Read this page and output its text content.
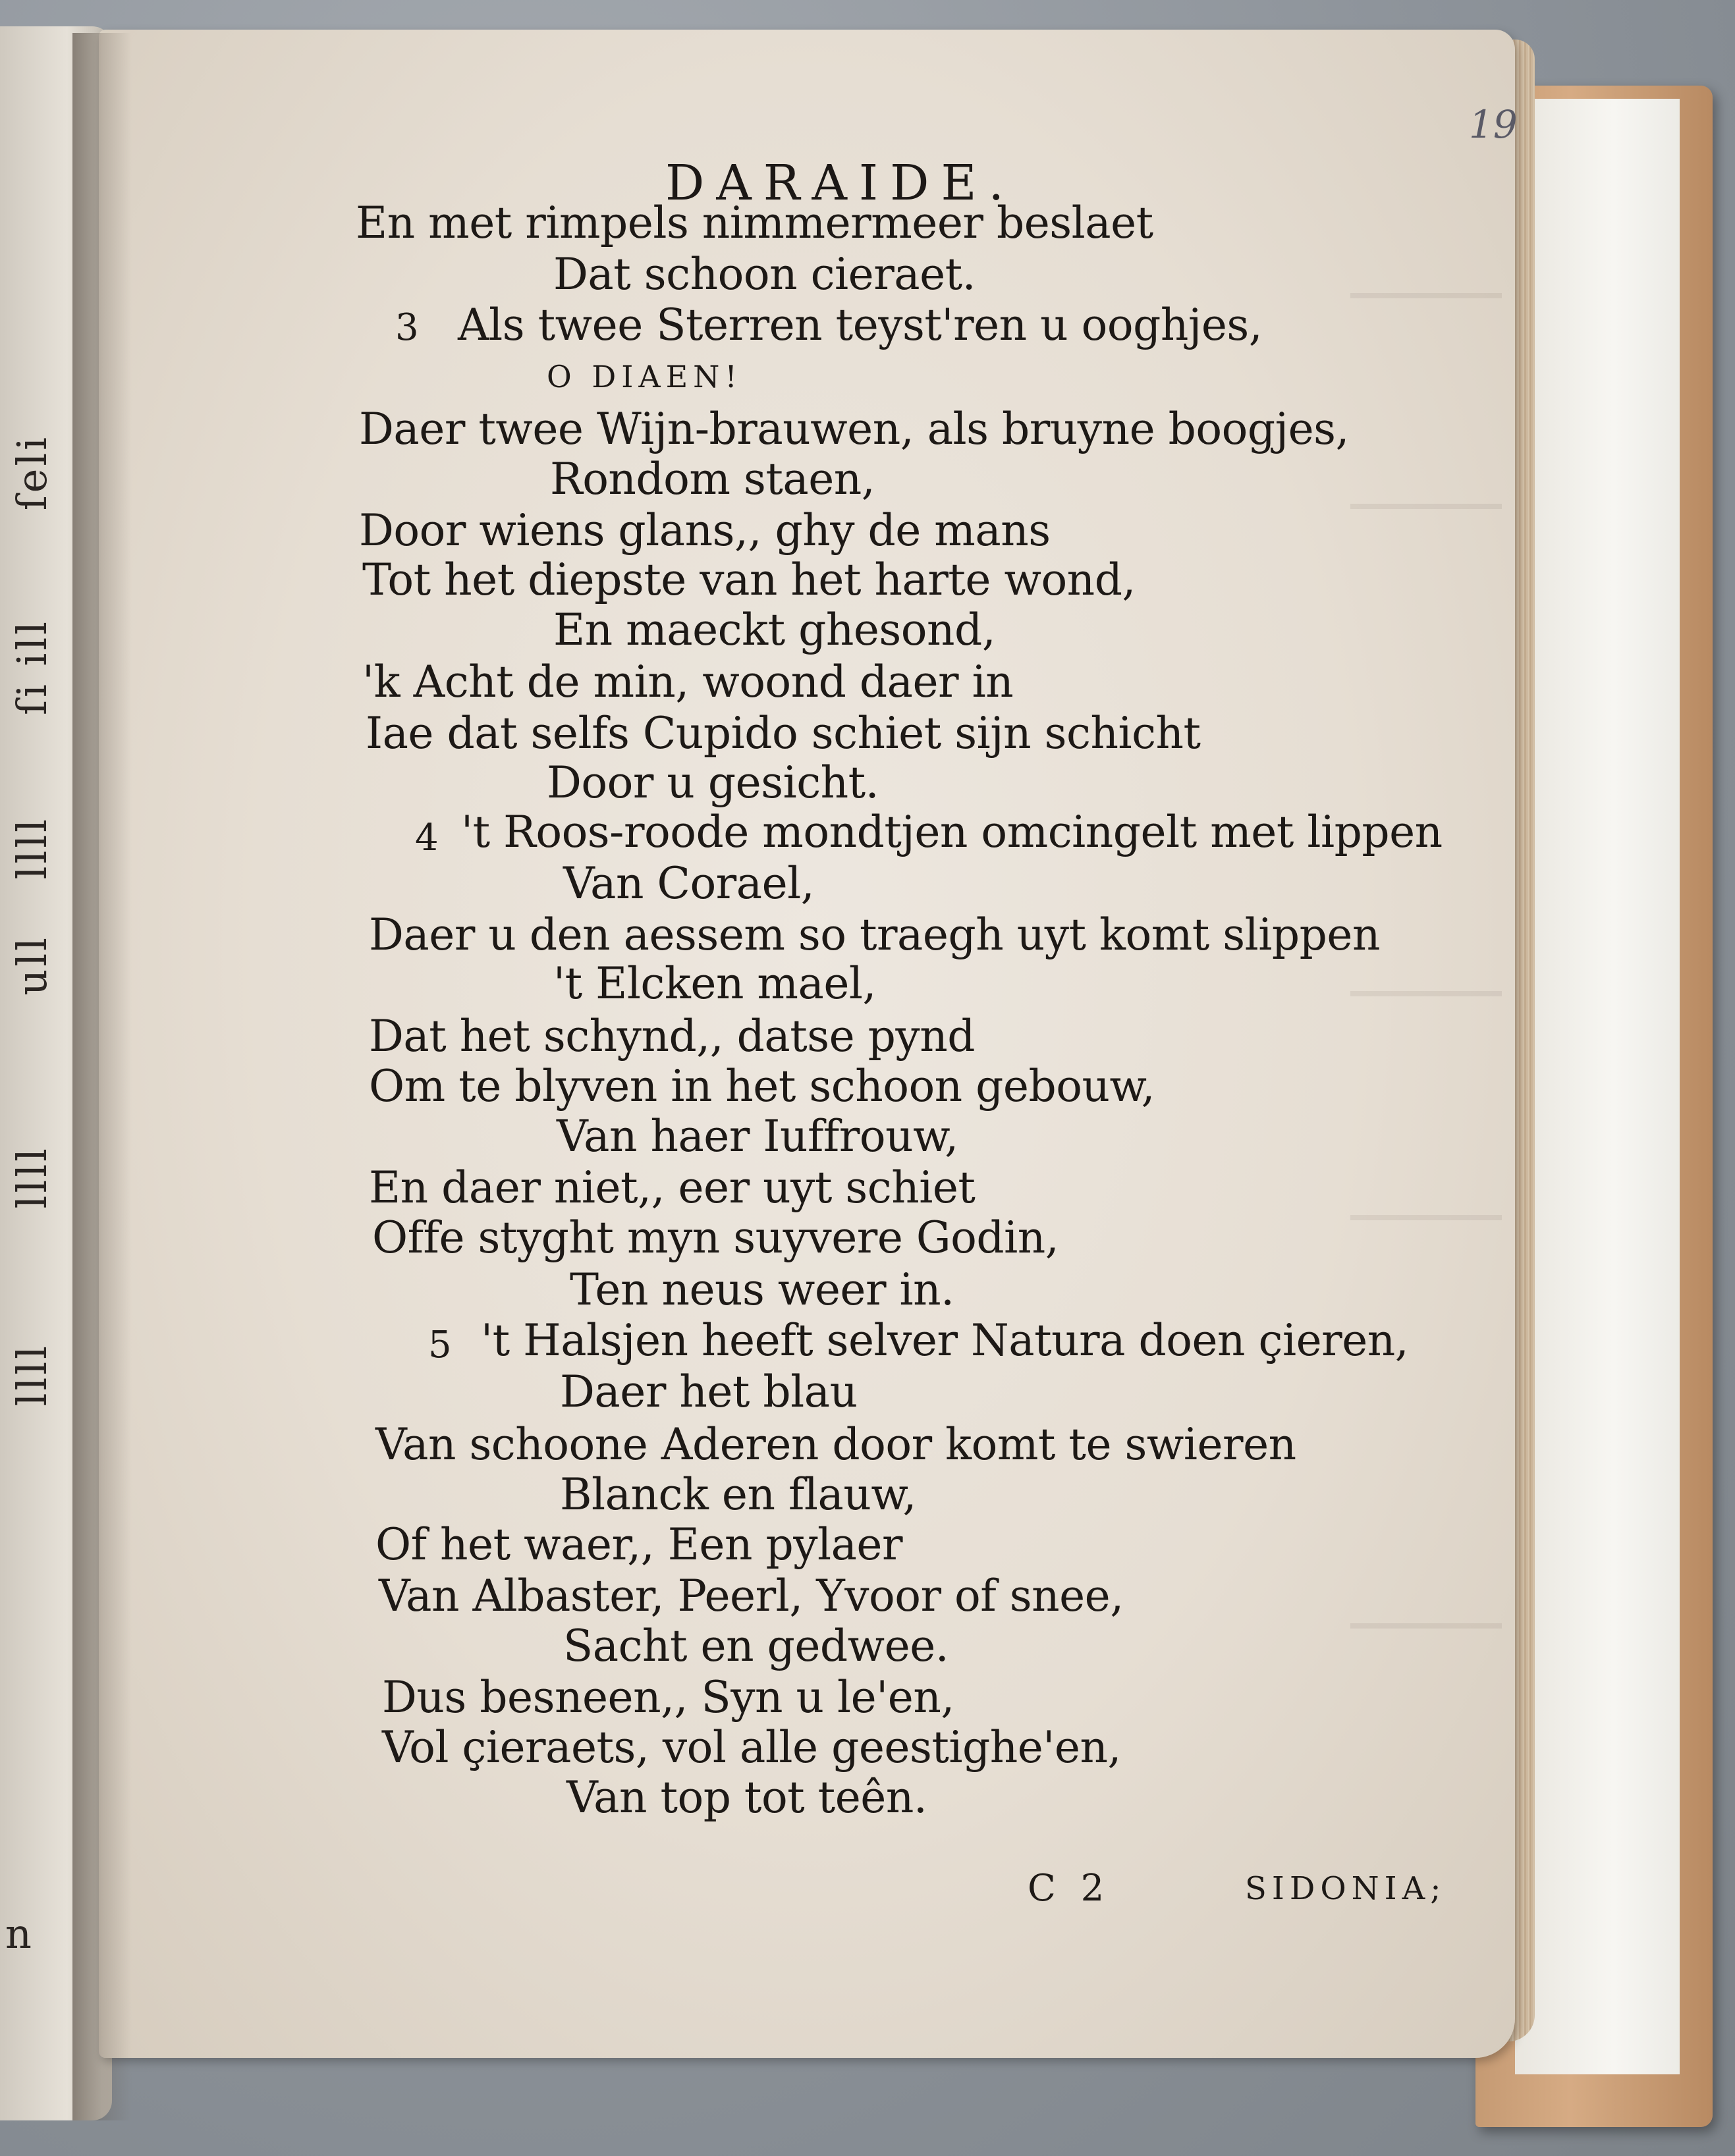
ſeli
ſi ill
llll
ull
llll
llll
n
19
DARAIDE.
En met rimpels nimmermeer beslaet
Dat schoon cieraet.
3 Als twee Sterren teyst'ren u ooghjes,
O DIAEN!
Daer twee Wijn-brauwen, als bruyne boogjes,
Rondom staen,
Door wiens glans,, ghy de mans
Tot het diepste van het harte wond,
En maeckt ghesond,
'k Acht de min, woond daer in
Iae dat selfs Cupido schiet sijn schicht
Door u gesicht.
4 't Roos-roode mondtjen omcingelt met lippen
Van Corael,
Daer u den aessem so traegh uyt komt slippen
't Elcken mael,
Dat het schynd,, datse pynd
Om te blyven in het schoon gebouw,
Van haer Iuffrouw,
En daer niet,, eer uyt schiet
Offe styght myn suyvere Godin,
Ten neus weer in.
5 't Halsjen heeft selver Natura doen çieren,
Daer het blau
Van schoone Aderen door komt te swieren
Blanck en flauw,
Of het waer,, Een pylaer
Van Albaster, Peerl, Yvoor of snee,
Sacht en gedwee.
Dus besneen,, Syn u le'en,
Vol çieraets, vol alle geestighe'en,
Van top tot teên.
C 2	SIDONIA;
